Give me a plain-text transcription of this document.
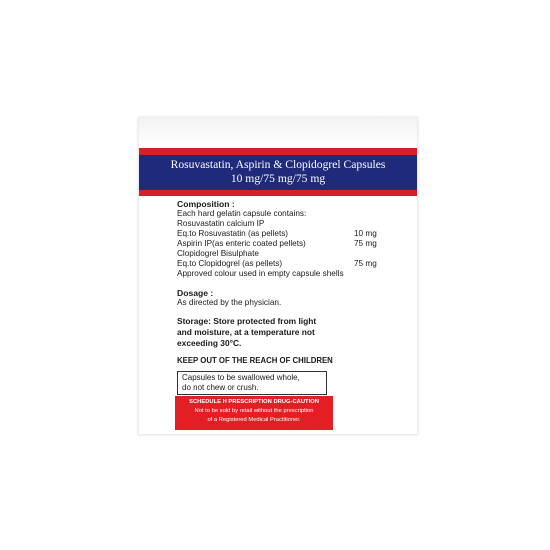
Rosuvastatin, Aspirin & Clopidogrel Capsules
10 mg/75 mg/75 mg
Composition :
Each hard gelatin capsule contains:
Rosuvastatin calcium IP
Eq.to Rosuvastatin (as pellets)	10 mg
Aspirin IP(as enteric coated pellets)	75 mg
Clopidogrel Bisulphate
Eq.to Clopidogrel (as pellets)	75 mg
Approved colour used in empty capsule shells
Dosage :
As directed by the physician.
Storage: Store protected from light
and moisture, at a temperature not
exceeding 30°C.
KEEP OUT OF THE REACH OF CHILDREN
Capsules to be swallowed whole,
do not chew or crush.
SCHEDULE H PRESCRIPTION DRUG-CAUTION
Not to be sold by retail without the prescription
of a Registered Medical Practitioner.
